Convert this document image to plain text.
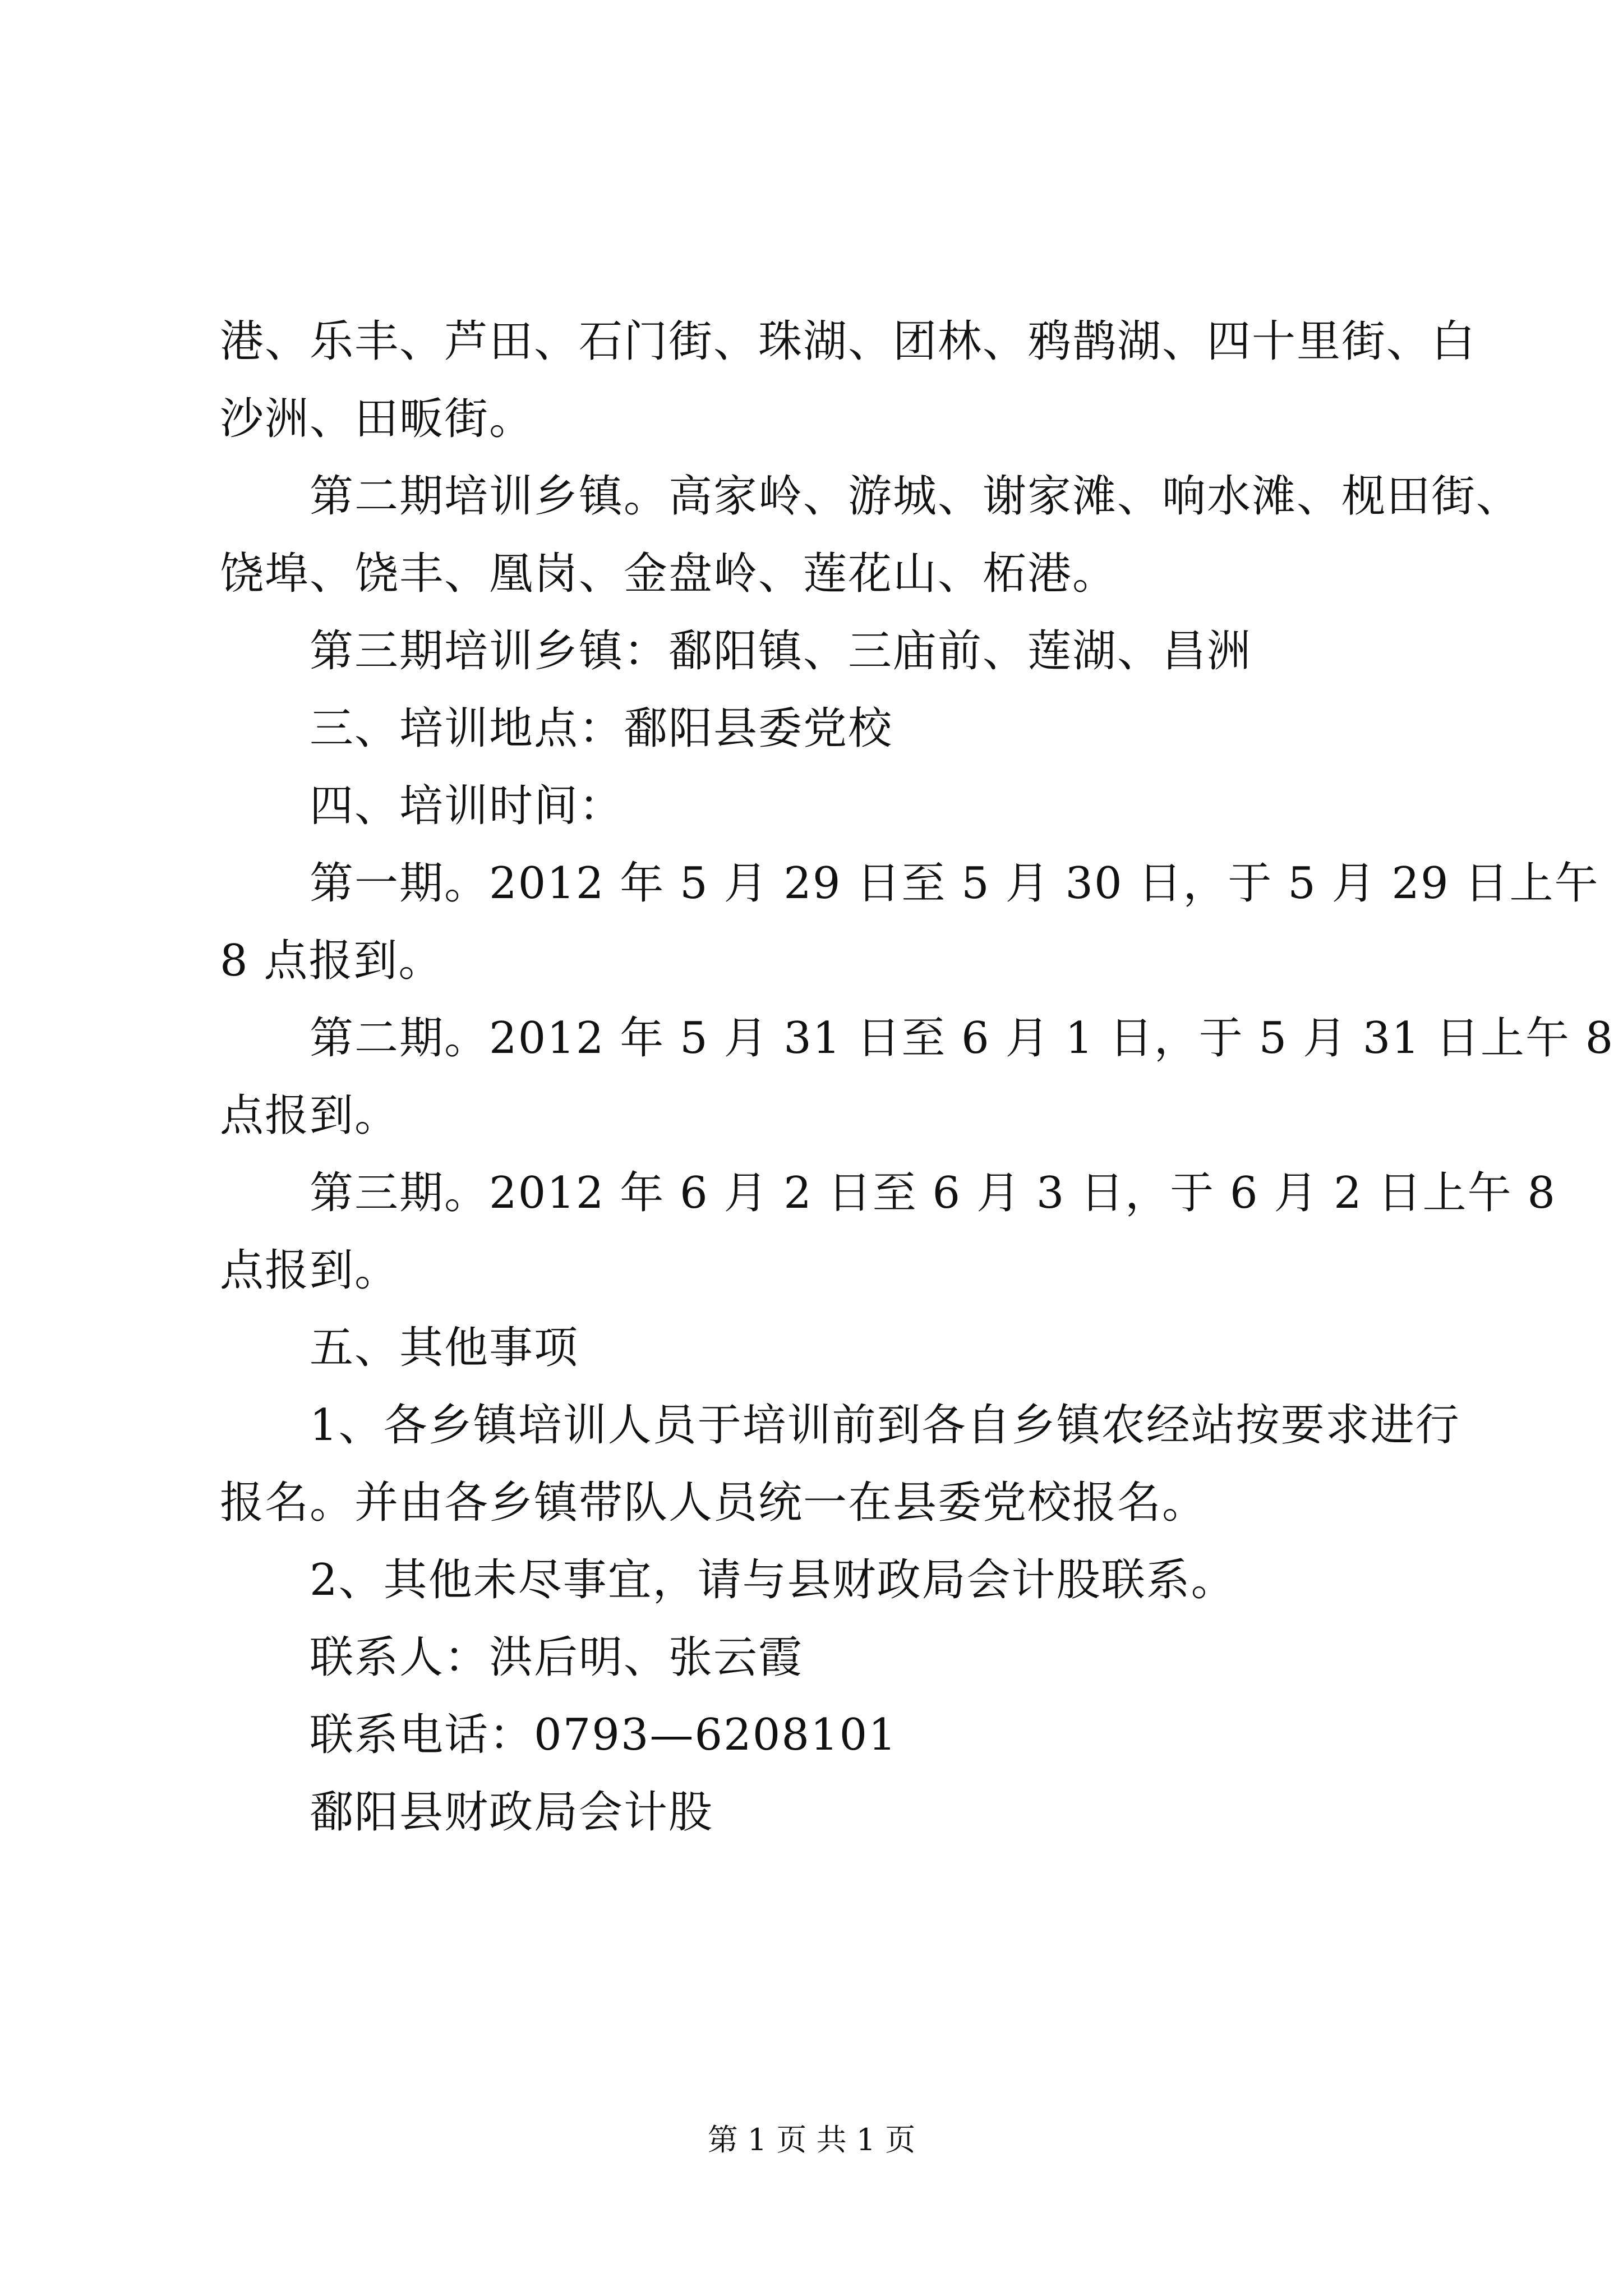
港、乐丰、芦田、石门街、珠湖、团林、鸦鹊湖、四十里街、白
沙洲、田畈街。
第二期培训乡镇。高家岭、游城、谢家滩、响水滩、枧田街、
饶埠、饶丰、凰岗、金盘岭、莲花山、柘港。
第三期培训乡镇：鄱阳镇、三庙前、莲湖、昌洲
三、培训地点：鄱阳县委党校
四、培训时间：
第一期。2012 年 5 月 29 日至 5 月 30 日，于 5 月 29 日上午
8 点报到。
第二期。2012 年 5 月 31 日至 6 月 1 日，于 5 月 31 日上午 8
点报到。
第三期。2012 年 6 月 2 日至 6 月 3 日，于 6 月 2 日上午 8
点报到。
五、其他事项
1、各乡镇培训人员于培训前到各自乡镇农经站按要求进行
报名。并由各乡镇带队人员统一在县委党校报名。
2、其他未尽事宜，请与县财政局会计股联系。
联系人：洪后明、张云霞
联系电话：0793—6208101
鄱阳县财政局会计股
第 1 页 共 1 页
